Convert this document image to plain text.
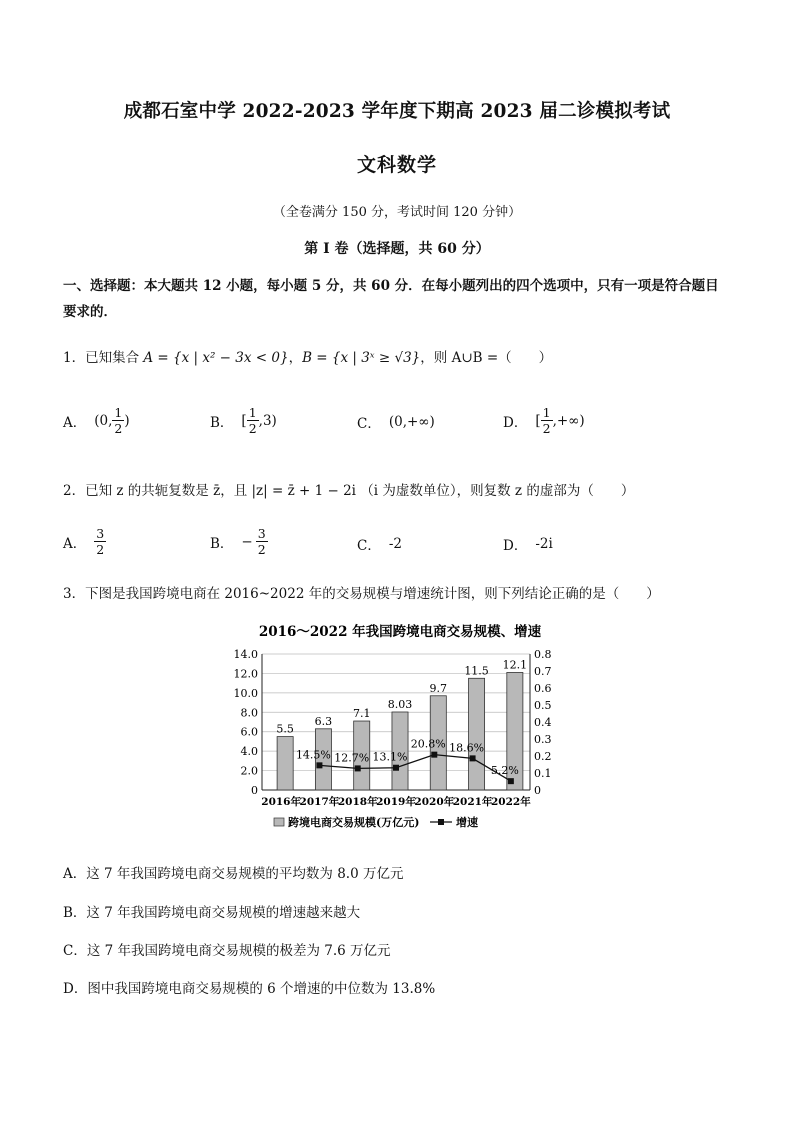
成都石室中学 2022-2023 学年度下期高 2023 届二诊模拟考试
文科数学
（全卷满分 150 分，考试时间 120 分钟）
第 I 卷（选择题，共 60 分）
一、选择题：本大题共 12 小题，每小题 5 分，共 60 分．在每小题列出的四个选项中，只有一项是符合题目
要求的．
1．已知集合 A = {x | x² − 3x < 0}，B = {x | 3ˣ ≥ √3}，则 A∪B =（　　）
A． (0, $\frac{1}{2}$ )	B． [ $\frac{1}{2} ,3$)	C． (0,+∞)	D． [ $\frac{1}{2}$ ,+∞)
2．已知 z 的共轭复数是 z̄，且 |z| = z̄ + 1 − 2i （i 为虚数单位），则复数 z 的虚部为（　　）
A． $\frac{3}{2}$	B． − $\frac{3}{2}$	C． -2	D． -2i
3．下图是我国跨境电商在 2016~2022 年的交易规模与增速统计图，则下列结论正确的是（　　）
2016～2022 年我国跨境电商交易规模、增速
0
2.0
4.0
6.0
8.0
10.0
12.0
14.0
0
0.1
0.2
0.3
0.4
0.5
0.6
0.7
0.8
5.5
2016年
6.3
2017年
7.1
2018年
8.03
2019年
9.7
2020年
11.5
2021年
12.1
2022年
14.5% 12.7% 13.1%
20.8% 18.6%
5.2%
跨境电商交易规模(万亿元)	增速
A．这 7 年我国跨境电商交易规模的平均数为 8.0 万亿元
B．这 7 年我国跨境电商交易规模的增速越来越大
C．这 7 年我国跨境电商交易规模的极差为 7.6 万亿元
D．图中我国跨境电商交易规模的 6 个增速的中位数为 13.8%
